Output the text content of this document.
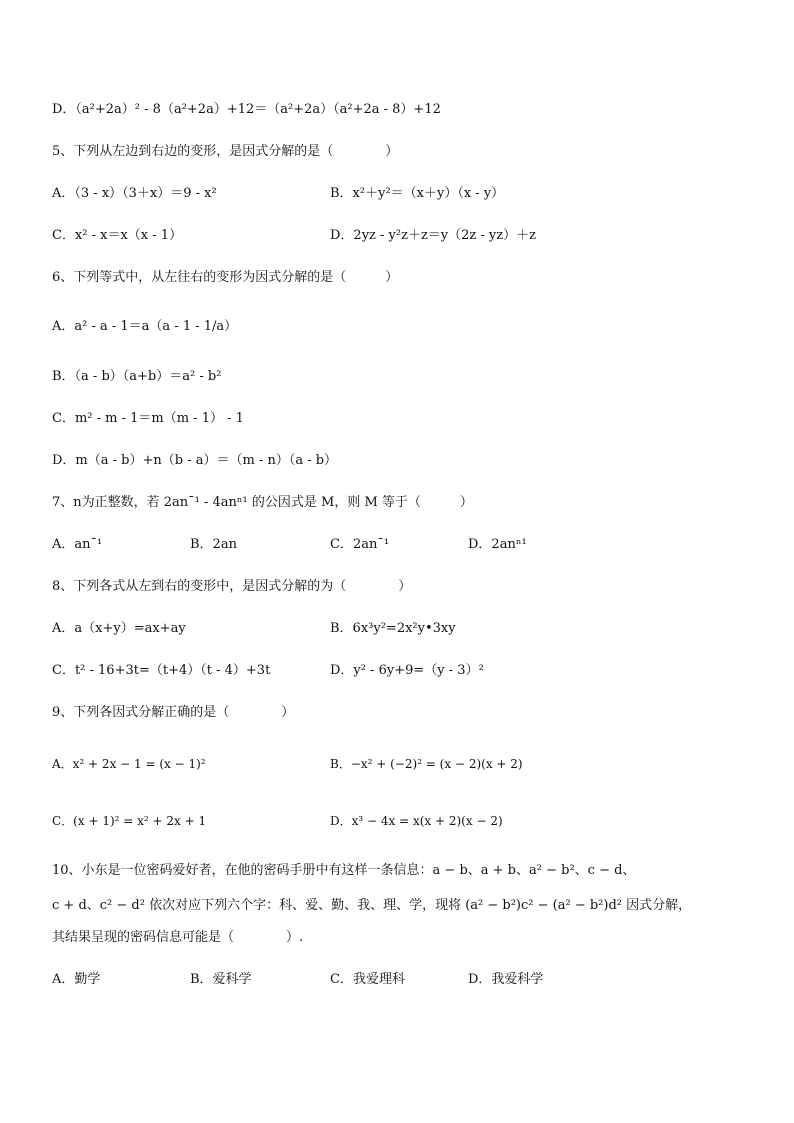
D．（a²+2a）² - 8（a²+2a）+12＝（a²+2a）（a²+2a - 8）+12
5、下列从左边到右边的变形，是因式分解的是（　　　　）
A．（3 - x）（3＋x）＝9 - x²	B．x²＋y²＝（x＋y）（x - y）
C．x² - x＝x（x - 1）	D．2yz - y²z＋z＝y（2z - yz）＋z
6、下列等式中，从左往右的变形为因式分解的是（　　　）
A．a² - a - 1＝a（a - 1 - 1/a）
B．（a - b）（a+b）＝a² - b²
C．m² - m - 1＝m（m - 1） - 1
D．m（a - b）+n（b - a）＝（m - n）（a - b）
7、n为正整数，若 2anˉ¹ - 4anⁿ¹ 的公因式是 M，则 M 等于（　　　）
A．anˉ¹	B．2an	C．2anˉ¹	D．2anⁿ¹
8、下列各式从左到右的变形中，是因式分解的为（　　　　）
A．a（x+y）=ax+ay	B．6x³y²=2x²y•3xy
C．t² - 16+3t=（t+4）（t - 4）+3t	D．y² - 6y+9=（y - 3）²
9、下列各因式分解正确的是（　　　　）
A．x² + 2x − 1 = (x − 1)²	B．−x² + (−2)² = (x − 2)(x + 2)
C．(x + 1)² = x² + 2x + 1	D．x³ − 4x = x(x + 2)(x − 2)
10、小东是一位密码爱好者，在他的密码手册中有这样一条信息：a − b、a + b、a² − b²、c − d、
c + d、c² − d² 依次对应下列六个字：科、爱、勤、我、理、学，现将 (a² − b²)c² − (a² − b²)d² 因式分解，
其结果呈现的密码信息可能是（　　　　）.
A．勤学	B．爱科学	C．我爱理科	D．我爱科学
